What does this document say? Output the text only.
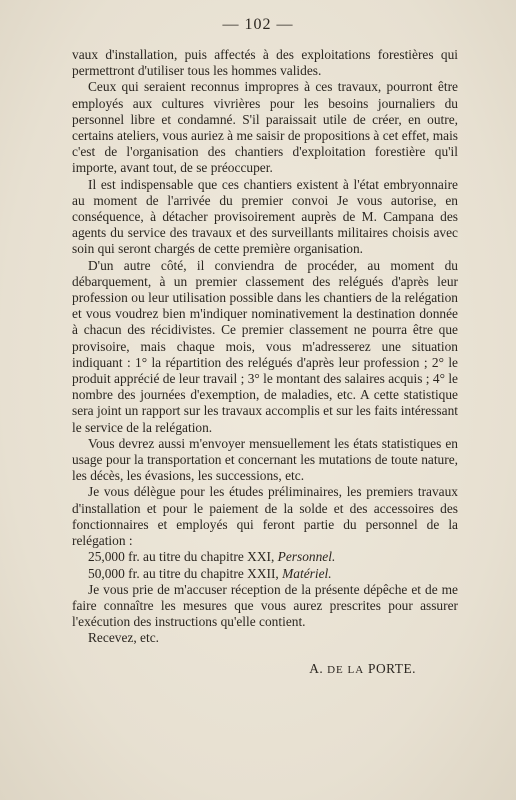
— 102 —

vaux d'installation, puis affectés à des exploitations forestières qui permettront d'utiliser tous les hommes valides.

Ceux qui seraient reconnus impropres à ces travaux, pourront être employés aux cultures vivrières pour les besoins journaliers du personnel libre et condamné. S'il paraissait utile de créer, en outre, certains ateliers, vous auriez à me saisir de propositions à cet effet, mais c'est de l'organisation des chantiers d'exploitation forestière qu'il importe, avant tout, de se préoccuper.

Il est indispensable que ces chantiers existent à l'état embryonnaire au moment de l'arrivée du premier convoi Je vous autorise, en conséquence, à détacher provisoirement auprès de M. Campana des agents du service des travaux et des surveillants militaires choisis avec soin qui seront chargés de cette première organisation.

D'un autre côté, il conviendra de procéder, au moment du débarquement, à un premier classement des relégués d'après leur profession ou leur utilisation possible dans les chantiers de la relégation et vous voudrez bien m'indiquer nominativement la destination donnée à chacun des récidivistes. Ce premier classement ne pourra être que provisoire, mais chaque mois, vous m'adresserez une situation indiquant : 1° la répartition des relégués d'après leur profession ; 2° le produit apprécié de leur travail ; 3° le montant des salaires acquis ; 4° le nombre des journées d'exemption, de maladies, etc. A cette statistique sera joint un rapport sur les travaux accomplis et sur les faits intéressant le service de la relégation.

Vous devrez aussi m'envoyer mensuellement les états statistiques en usage pour la transportation et concernant les mutations de toute nature, les décès, les évasions, les successions, etc.

Je vous délègue pour les études préliminaires, les premiers travaux d'installation et pour le paiement de la solde et des accessoires des fonctionnaires et employés qui feront partie du personnel de la relégation :

25,000 fr. au titre du chapitre XXI, Personnel.

50,000 fr. au titre du chapitre XXII, Matériel.

Je vous prie de m'accuser réception de la présente dépêche et de me faire connaître les mesures que vous aurez prescrites pour assurer l'exécution des instructions qu'elle contient.

Recevez, etc.

A. DE LA PORTE.
